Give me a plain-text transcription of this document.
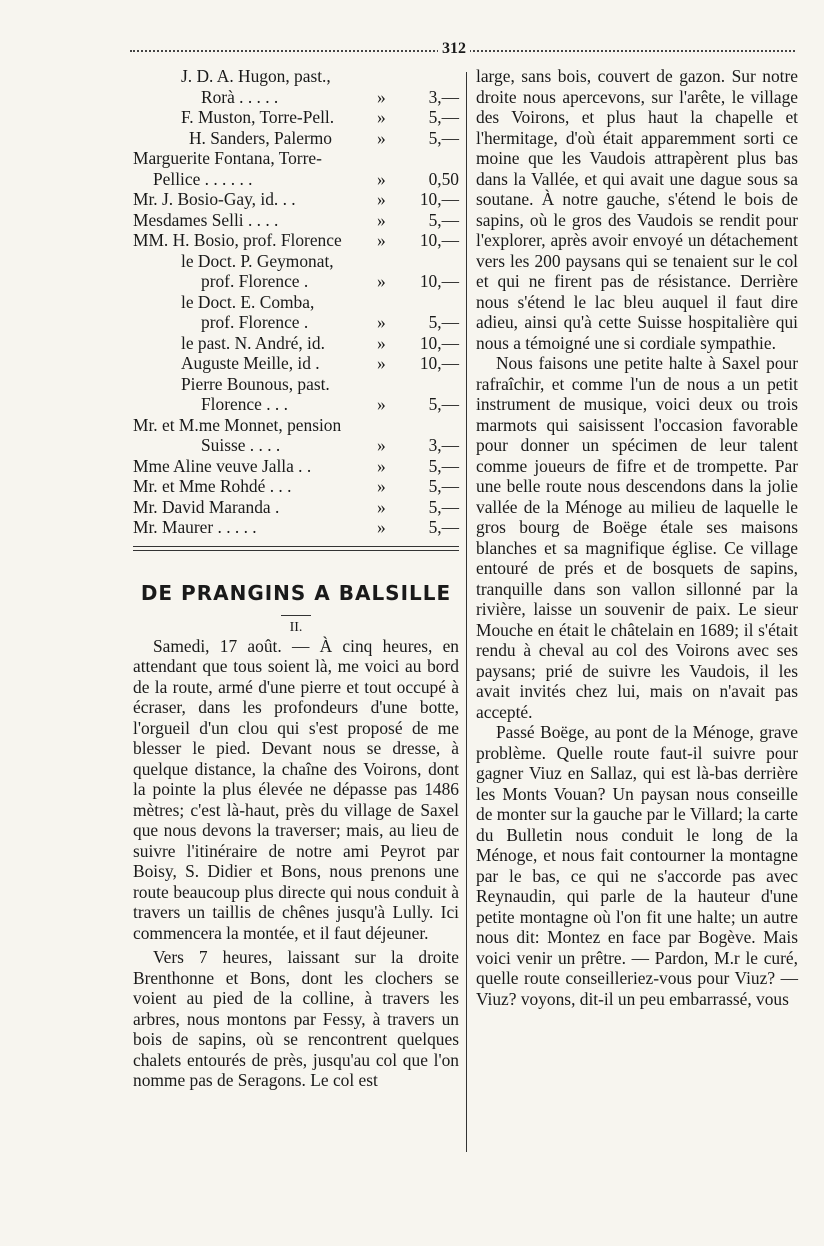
312
J. D. A. Hugon, past.,
Rorà . . . . .	»	3,—
F. Muston, Torre-Pell.	»	5,—
H. Sanders, Palermo	»	5,—
Marguerite Fontana, Torre-
Pellice . . . . . .	»	0,50
Mr. J. Bosio-Gay, id. . .	»	10,—
Mesdames Selli . . . .	»	5,—
MM. H. Bosio, prof. Florence	»	10,—
le Doct. P. Geymonat,
prof. Florence .	»	10,—
le Doct. E. Comba,
prof. Florence .	»	5,—
le past. N. André, id.	»	10,—
Auguste Meille, id .	»	10,—
Pierre Bounous, past.
Florence . . .	»	5,—
Mr. et M.me Monnet, pension
Suisse . . . .	»	3,—
Mme Aline veuve Jalla . .	»	5,—
Mr. et Mme Rohdé . . .	»	5,—
Mr. David Maranda .	»	5,—
Mr. Maurer . . . . .	»	5,—
DE PRANGINS A BALSILLE
II.

Samedi, 17 août. — À cinq heures, en attendant que tous soient là, me voici au bord de la route, armé d'une pierre et tout occupé à écraser, dans les profondeurs d'une botte, l'orgueil d'un clou qui s'est proposé de me blesser le pied. Devant nous se dresse, à quelque distance, la chaîne des Voirons, dont la pointe la plus élevée ne dépasse pas 1486 mètres; c'est là-haut, près du village de Saxel que nous devons la traverser; mais, au lieu de suivre l'itinéraire de notre ami Peyrot par Boisy, S. Didier et Bons, nous prenons une route beaucoup plus directe qui nous conduit à travers un taillis de chênes jusqu'à Lully. Ici commencera la montée, et il faut déjeuner.

Vers 7 heures, laissant sur la droite Brenthonne et Bons, dont les clochers se voient au pied de la colline, à travers les arbres, nous montons par Fessy, à travers un bois de sapins, où se rencontrent quelques chalets entourés de près, jusqu'au col que l'on nomme pas de Seragons. Le col est

large, sans bois, couvert de gazon. Sur notre droite nous apercevons, sur l'arête, le village des Voirons, et plus haut la chapelle et l'hermitage, d'où était apparemment sorti ce moine que les Vaudois attrapèrent plus bas dans la Vallée, et qui avait une dague sous sa soutane. À notre gauche, s'étend le bois de sapins, où le gros des Vaudois se rendit pour l'explorer, après avoir envoyé un détachement vers les 200 paysans qui se tenaient sur le col et qui ne firent pas de résistance. Derrière nous s'étend le lac bleu auquel il faut dire adieu, ainsi qu'à cette Suisse hospitalière qui nous a témoigné une si cordiale sympathie.

Nous faisons une petite halte à Saxel pour rafraîchir, et comme l'un de nous a un petit instrument de musique, voici deux ou trois marmots qui saisissent l'occasion favorable pour donner un spécimen de leur talent comme joueurs de fifre et de trompette. Par une belle route nous descendons dans la jolie vallée de la Ménoge au milieu de laquelle le gros bourg de Boëge étale ses maisons blanches et sa magnifique église. Ce village entouré de prés et de bosquets de sapins, tranquille dans son vallon sillonné par la rivière, laisse un souvenir de paix. Le sieur Mouche en était le châtelain en 1689; il s'était rendu à cheval au col des Voirons avec ses paysans; prié de suivre les Vaudois, il les avait invités chez lui, mais on n'avait pas accepté.

Passé Boëge, au pont de la Ménoge, grave problème. Quelle route faut-il suivre pour gagner Viuz en Sallaz, qui est là-bas derrière les Monts Vouan? Un paysan nous conseille de monter sur la gauche par le Villard; la carte du Bulletin nous conduit le long de la Ménoge, et nous fait contourner la montagne par le bas, ce qui ne s'accorde pas avec Reynaudin, qui parle de la hauteur d'une petite montagne où l'on fit une halte; un autre nous dit: Montez en face par Bogève. Mais voici venir un prêtre. — Pardon, M.r le curé, quelle route conseilleriez-vous pour Viuz? — Viuz? voyons, dit-il un peu embarrassé, vous
